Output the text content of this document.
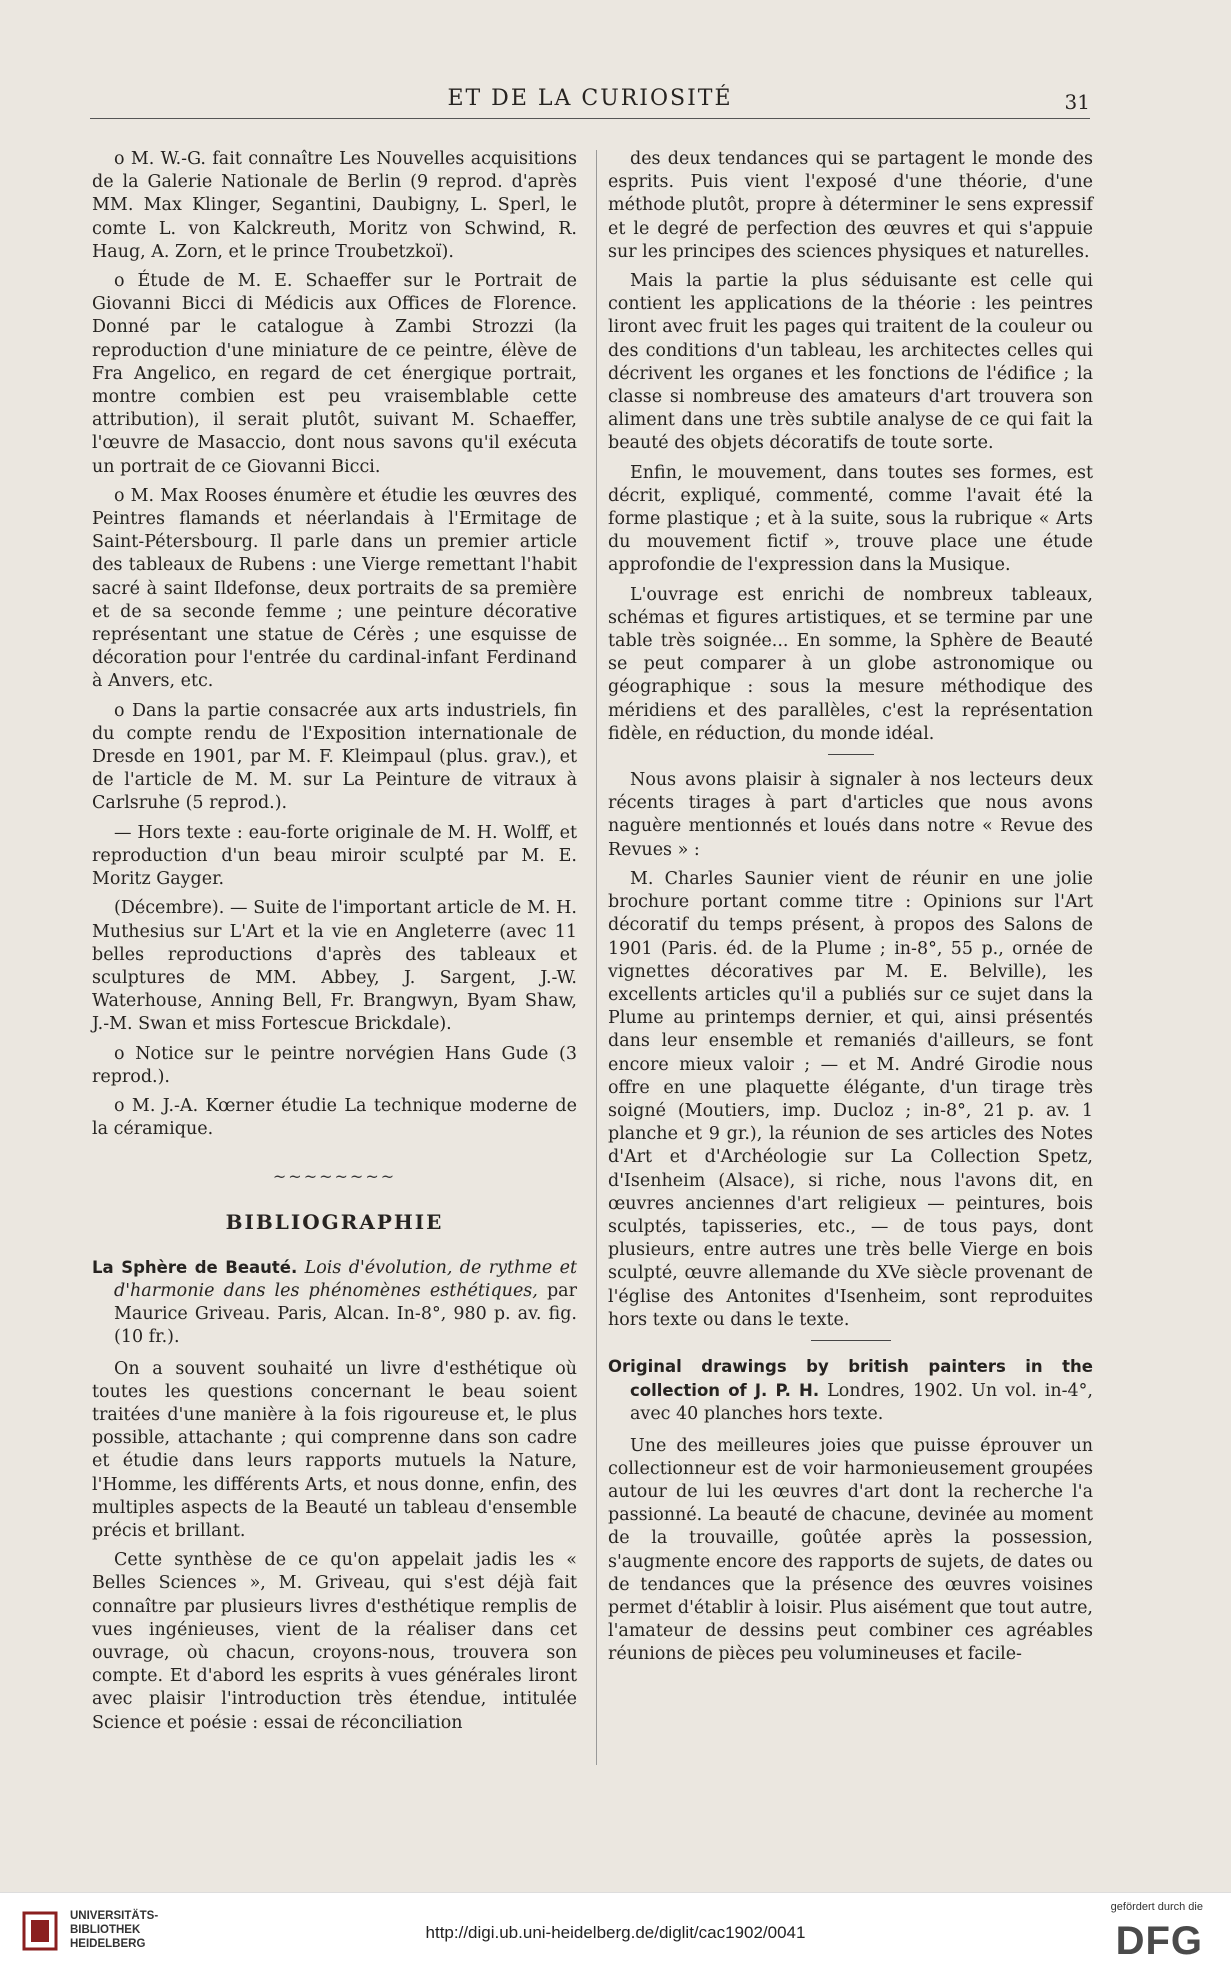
ET DE LA CURIOSITÉ	31

o M. W.-G. fait connaître Les Nouvelles acquisitions de la Galerie Nationale de Berlin (9 reprod. d'après MM. Max Klinger, Segantini, Daubigny, L. Sperl, le comte L. von Kalckreuth, Moritz von Schwind, R. Haug, A. Zorn, et le prince Troubetzkoï).

o Étude de M. E. Schaeffer sur le Portrait de Giovanni Bicci di Médicis aux Offices de Florence. Donné par le catalogue à Zambi Strozzi (la reproduction d'une miniature de ce peintre, élève de Fra Angelico, en regard de cet énergique portrait, montre combien est peu vraisemblable cette attribution), il serait plutôt, suivant M. Schaeffer, l'œuvre de Masaccio, dont nous savons qu'il exécuta un portrait de ce Giovanni Bicci.

o M. Max Rooses énumère et étudie les œuvres des Peintres flamands et néerlandais à l'Ermitage de Saint-Pétersbourg. Il parle dans un premier article des tableaux de Rubens : une Vierge remettant l'habit sacré à saint Ildefonse, deux portraits de sa première et de sa seconde femme ; une peinture décorative représentant une statue de Cérès ; une esquisse de décoration pour l'entrée du cardinal-infant Ferdinand à Anvers, etc.

o Dans la partie consacrée aux arts industriels, fin du compte rendu de l'Exposition internationale de Dresde en 1901, par M. F. Kleimpaul (plus. grav.), et de l'article de M. M. sur La Peinture de vitraux à Carlsruhe (5 reprod.).

— Hors texte : eau-forte originale de M. H. Wolff, et reproduction d'un beau miroir sculpté par M. E. Moritz Gayger.

(Décembre). — Suite de l'important article de M. H. Muthesius sur L'Art et la vie en Angleterre (avec 11 belles reproductions d'après des tableaux et sculptures de MM. Abbey, J. Sargent, J.-W. Waterhouse, Anning Bell, Fr. Brangwyn, Byam Shaw, J.-M. Swan et miss Fortescue Brickdale).

o Notice sur le peintre norvégien Hans Gude (3 reprod.).

o M. J.-A. Kœrner étudie La technique moderne de la céramique.

~~~~~~~~
BIBLIOGRAPHIE

La Sphère de Beauté. Lois d'évolution, de rythme et d'harmonie dans les phénomènes esthétiques, par Maurice Griveau. Paris, Alcan. In-8°, 980 p. av. fig. (10 fr.).

On a souvent souhaité un livre d'esthétique où toutes les questions concernant le beau soient traitées d'une manière à la fois rigoureuse et, le plus possible, attachante ; qui comprenne dans son cadre et étudie dans leurs rapports mutuels la Nature, l'Homme, les différents Arts, et nous donne, enfin, des multiples aspects de la Beauté un tableau d'ensemble précis et brillant.

Cette synthèse de ce qu'on appelait jadis les « Belles Sciences », M. Griveau, qui s'est déjà fait connaître par plusieurs livres d'esthétique remplis de vues ingénieuses, vient de la réaliser dans cet ouvrage, où chacun, croyons-nous, trouvera son compte. Et d'abord les esprits à vues générales liront avec plaisir l'introduction très étendue, intitulée Science et poésie : essai de réconciliation

des deux tendances qui se partagent le monde des esprits. Puis vient l'exposé d'une théorie, d'une méthode plutôt, propre à déterminer le sens expressif et le degré de perfection des œuvres et qui s'appuie sur les principes des sciences physiques et naturelles.

Mais la partie la plus séduisante est celle qui contient les applications de la théorie : les peintres liront avec fruit les pages qui traitent de la couleur ou des conditions d'un tableau, les architectes celles qui décrivent les organes et les fonctions de l'édifice ; la classe si nombreuse des amateurs d'art trouvera son aliment dans une très subtile analyse de ce qui fait la beauté des objets décoratifs de toute sorte.

Enfin, le mouvement, dans toutes ses formes, est décrit, expliqué, commenté, comme l'avait été la forme plastique ; et à la suite, sous la rubrique « Arts du mouvement fictif », trouve place une étude approfondie de l'expression dans la Musique.

L'ouvrage est enrichi de nombreux tableaux, schémas et figures artistiques, et se termine par une table très soignée... En somme, la Sphère de Beauté se peut comparer à un globe astronomique ou géographique : sous la mesure méthodique des méridiens et des parallèles, c'est la représentation fidèle, en réduction, du monde idéal.

Nous avons plaisir à signaler à nos lecteurs deux récents tirages à part d'articles que nous avons naguère mentionnés et loués dans notre « Revue des Revues » :

M. Charles Saunier vient de réunir en une jolie brochure portant comme titre : Opinions sur l'Art décoratif du temps présent, à propos des Salons de 1901 (Paris. éd. de la Plume ; in-8°, 55 p., ornée de vignettes décoratives par M. E. Belville), les excellents articles qu'il a publiés sur ce sujet dans la Plume au printemps dernier, et qui, ainsi présentés dans leur ensemble et remaniés d'ailleurs, se font encore mieux valoir ; — et M. André Girodie nous offre en une plaquette élégante, d'un tirage très soigné (Moutiers, imp. Ducloz ; in-8°, 21 p. av. 1 planche et 9 gr.), la réunion de ses articles des Notes d'Art et d'Archéologie sur La Collection Spetz, d'Isenheim (Alsace), si riche, nous l'avons dit, en œuvres anciennes d'art religieux — peintures, bois sculptés, tapisseries, etc., — de tous pays, dont plusieurs, entre autres une très belle Vierge en bois sculpté, œuvre allemande du XVe siècle provenant de l'église des Antonites d'Isenheim, sont reproduites hors texte ou dans le texte.

Original drawings by british painters in the collection of J. P. H. Londres, 1902. Un vol. in-4°, avec 40 planches hors texte.

Une des meilleures joies que puisse éprouver un collectionneur est de voir harmonieusement groupées autour de lui les œuvres d'art dont la recherche l'a passionné. La beauté de chacune, devinée au moment de la trouvaille, goûtée après la possession, s'augmente encore des rapports de sujets, de dates ou de tendances que la présence des œuvres voisines permet d'établir à loisir. Plus aisément que tout autre, l'amateur de dessins peut combiner ces agréables réunions de pièces peu volumineuses et facile-

UNIVERSITÄTS-
BIBLIOTHEK
HEIDELBERG
http://digi.ub.uni-heidelberg.de/diglit/cac1902/0041
gefördert durch die
DFG
